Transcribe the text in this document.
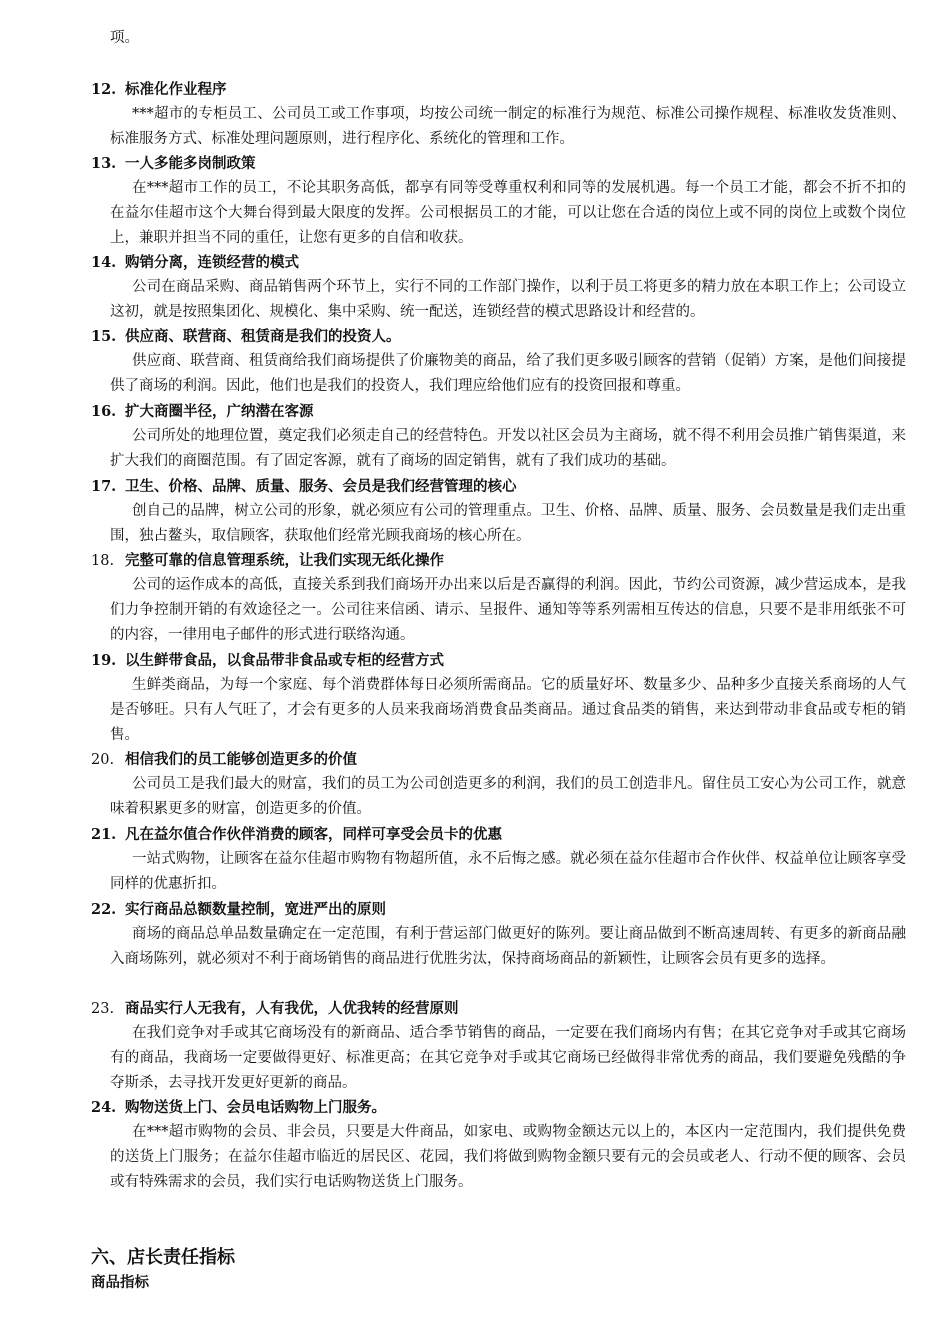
项。
12. 标准化作业程序
***超市的专柜员工、公司员工或工作事项，均按公司统一制定的标准行为规范、标准公司操作规程、标准收发货准则、标准服务方式、标准处理问题原则，进行程序化、系统化的管理和工作。
13. 一人多能多岗制政策
在***超市工作的员工，不论其职务高低，都享有同等受尊重权利和同等的发展机遇。每一个员工才能，都会不折不扣的在益尔佳超市这个大舞台得到最大限度的发挥。公司根据员工的才能，可以让您在合适的岗位上或不同的岗位上或数个岗位上，兼职并担当不同的重任，让您有更多的自信和收获。
14. 购销分离，连锁经营的模式
公司在商品采购、商品销售两个环节上，实行不同的工作部门操作，以利于员工将更多的精力放在本职工作上；公司设立这初，就是按照集团化、规模化、集中采购、统一配送，连锁经营的模式思路设计和经营的。
15. 供应商、联营商、租赁商是我们的投资人。
供应商、联营商、租赁商给我们商场提供了价廉物美的商品，给了我们更多吸引顾客的营销（促销）方案，是他们间接提供了商场的利润。因此，他们也是我们的投资人，我们理应给他们应有的投资回报和尊重。
16. 扩大商圈半径，广纳潜在客源
公司所处的地理位置，奠定我们必须走自己的经营特色。开发以社区会员为主商场，就不得不利用会员推广销售渠道，来扩大我们的商圈范围。有了固定客源，就有了商场的固定销售，就有了我们成功的基础。
17. 卫生、价格、品牌、质量、服务、会员是我们经营管理的核心
创自己的品牌，树立公司的形象，就必须应有公司的管理重点。卫生、价格、品牌、质量、服务、会员数量是我们走出重围，独占鳌头，取信顾客，获取他们经常光顾我商场的核心所在。
18. 完整可靠的信息管理系统，让我们实现无纸化操作
公司的运作成本的高低，直接关系到我们商场开办出来以后是否赢得的利润。因此，节约公司资源，减少营运成本，是我们力争控制开销的有效途径之一。公司往来信函、请示、呈报件、通知等等系列需相互传达的信息，只要不是非用纸张不可的内容，一律用电子邮件的形式进行联络沟通。
19. 以生鲜带食品，以食品带非食品或专柜的经营方式
生鲜类商品，为每一个家庭、每个消费群体每日必须所需商品。它的质量好坏、数量多少、品种多少直接关系商场的人气是否够旺。只有人气旺了，才会有更多的人员来我商场消费食品类商品。通过食品类的销售，来达到带动非食品或专柜的销售。
20. 相信我们的员工能够创造更多的价值
公司员工是我们最大的财富，我们的员工为公司创造更多的利润，我们的员工创造非凡。留住员工安心为公司工作，就意味着积累更多的财富，创造更多的价值。
21. 凡在益尔值合作伙伴消费的顾客，同样可享受会员卡的优惠
一站式购物，让顾客在益尔佳超市购物有物超所值，永不后悔之感。就必须在益尔佳超市合作伙伴、权益单位让顾客享受同样的优惠折扣。
22. 实行商品总额数量控制，宽进严出的原则
商场的商品总单品数量确定在一定范围，有利于营运部门做更好的陈列。要让商品做到不断高速周转、有更多的新商品融入商场陈列，就必须对不利于商场销售的商品进行优胜劣汰，保持商场商品的新颖性，让顾客会员有更多的选择。
23. 商品实行人无我有，人有我优，人优我转的经营原则
在我们竞争对手或其它商场没有的新商品、适合季节销售的商品，一定要在我们商场内有售；在其它竞争对手或其它商场有的商品，我商场一定要做得更好、标准更高；在其它竞争对手或其它商场已经做得非常优秀的商品，我们要避免残酷的争夺斯杀，去寻找开发更好更新的商品。
24. 购物送货上门、会员电话购物上门服务。
在***超市购物的会员、非会员，只要是大件商品，如家电、或购物金额达元以上的，本区内一定范围内，我们提供免费的送货上门服务；在益尔佳超市临近的居民区、花园，我们将做到购物金额只要有元的会员或老人、行动不便的顾客、会员或有特殊需求的会员，我们实行电话购物送货上门服务。
六、店长责任指标
商品指标
